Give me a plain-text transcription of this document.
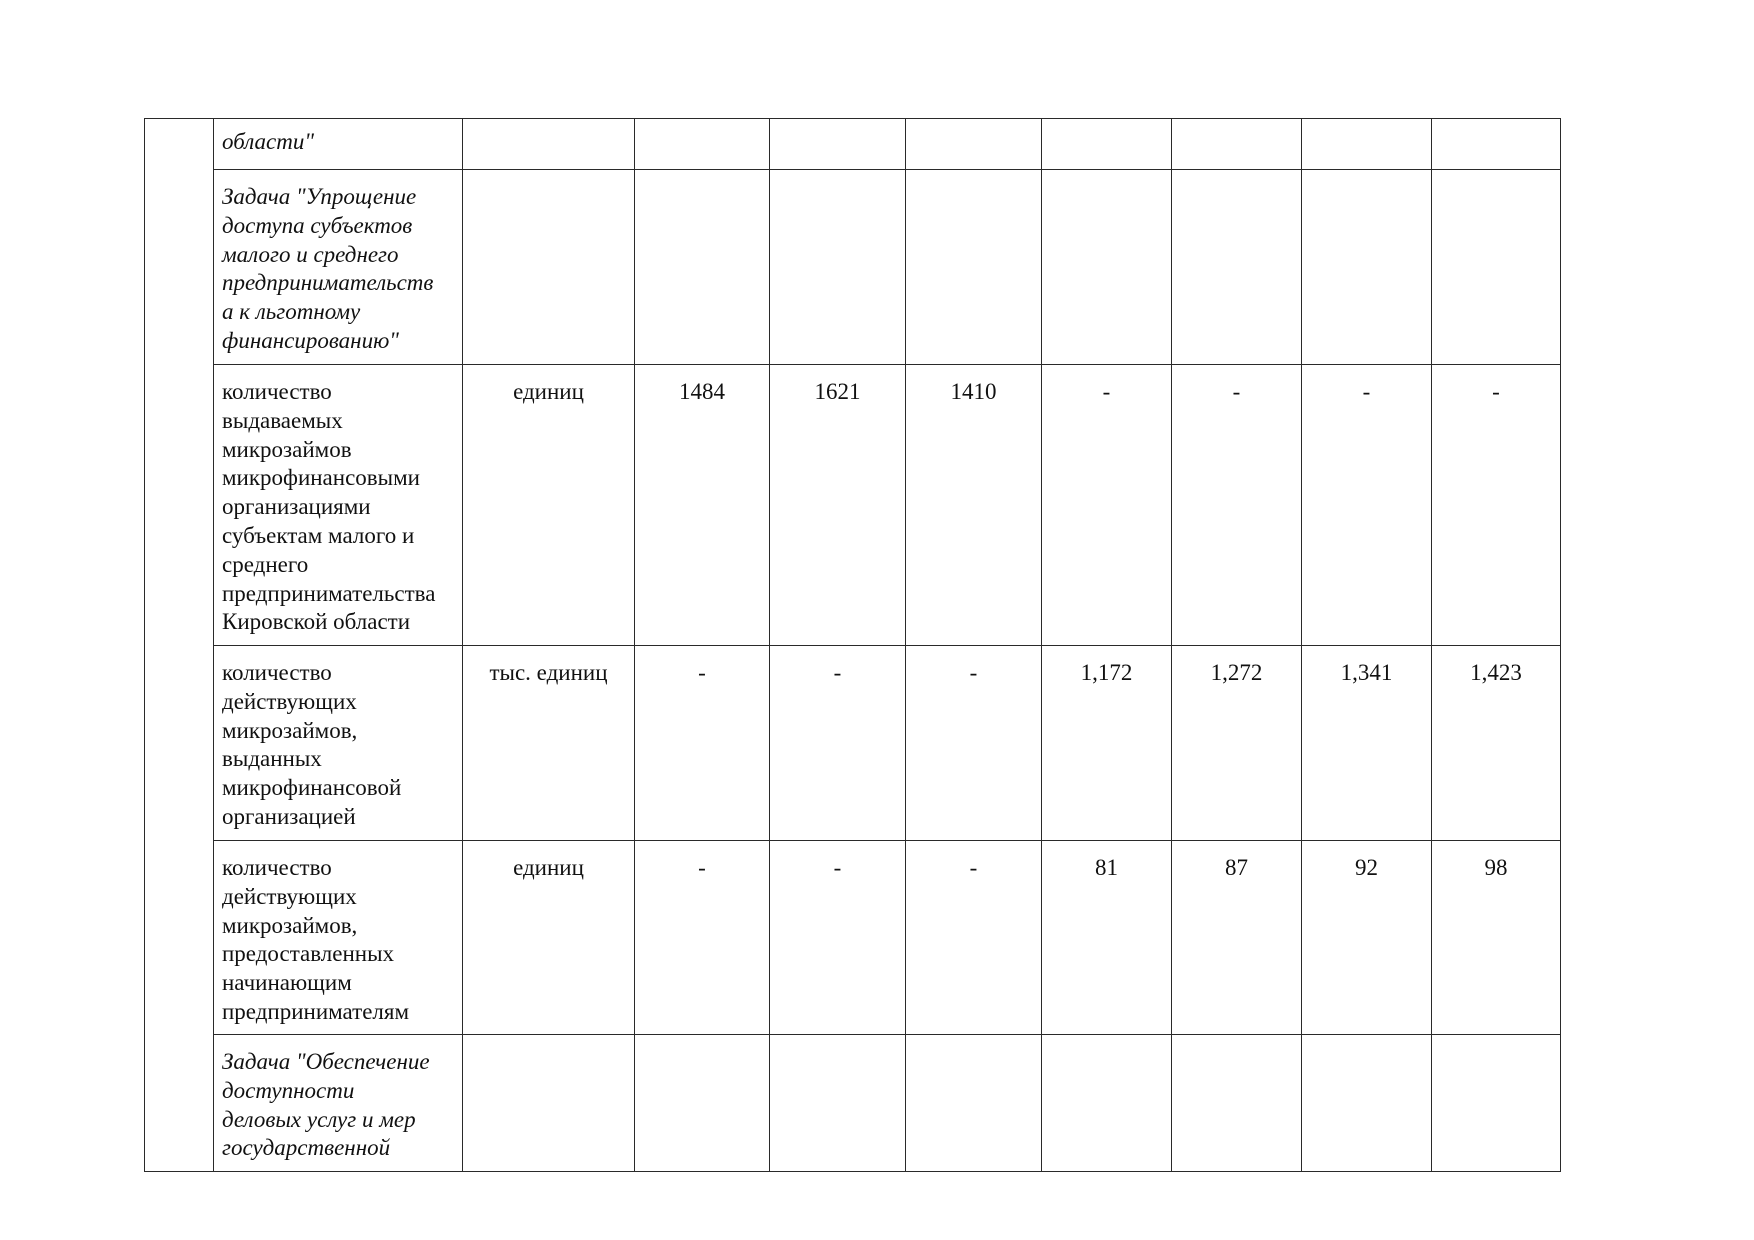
	области"								

Задача "Упрощение
доступа субъектов
малого и среднего
предпринимательств
а к льготному
финансированию"

количество
выдаваемых
микрозаймов
микрофинансовыми
организациями
субъектам малого и
среднего
предпринимательства
Кировской области
	единиц	1484	1621	1410	-	-	-	-

количество
действующих
микрозаймов,
выданных
микрофинансовой
организацией
	тыс. единиц	-	-	-	1,172	1,272	1,341	1,423

количество
действующих
микрозаймов,
предоставленных
начинающим
предпринимателям
	единиц	-	-	-	81	87	92	98

	Задача "Обеспечение
доступности
деловых услуг и мер
государственной								
